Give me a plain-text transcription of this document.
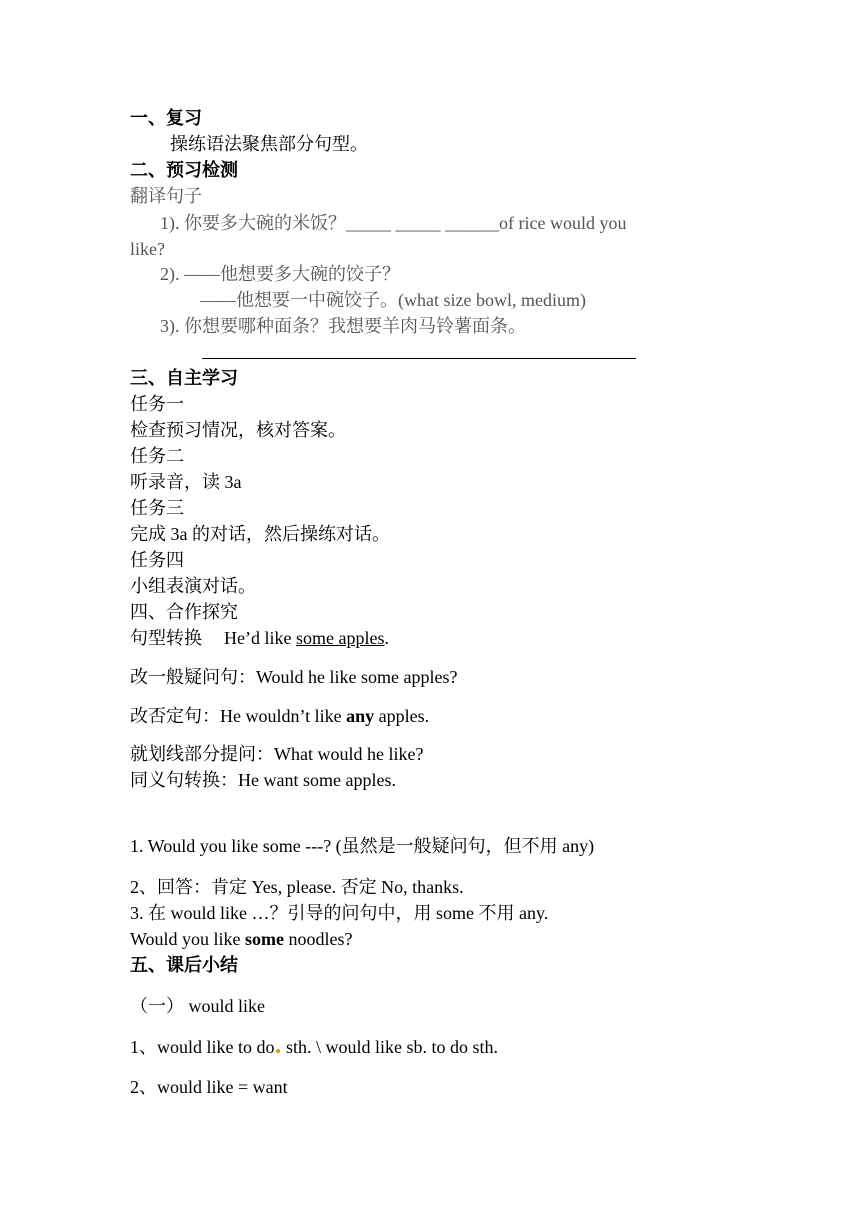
一、复习
操练语法聚焦部分句型。
二、预习检测
翻译句子
1). 你要多大碗的米饭？_____ _____ ______of rice would you
like?
2). ——他想要多大碗的饺子？
——他想要一中碗饺子。(what size bowl, medium)
3). 你想要哪种面条？我想要羊肉马铃薯面条。
三、自主学习
任务一
检查预习情况，核对答案。
任务二
听录音，读 3a
任务三
完成 3a 的对话，然后操练对话。
任务四
小组表演对话。
四、合作探究
句型转换 He’d like some apples.
改一般疑问句：Would he like some apples?
改否定句：He wouldn’t like any apples.
就划线部分提问：What would he like?
同义句转换：He want some apples.
1. Would you like some ---? (虽然是一般疑问句，但不用 any)
2、回答：肯定 Yes, please. 否定 No, thanks.
3. 在 would like …？引导的问句中，用 some 不用 any.
Would you like some noodles?
五、课后小结
（一） would like
1、would like to do sth. \ would like sb. to do sth.
2、would like = want
